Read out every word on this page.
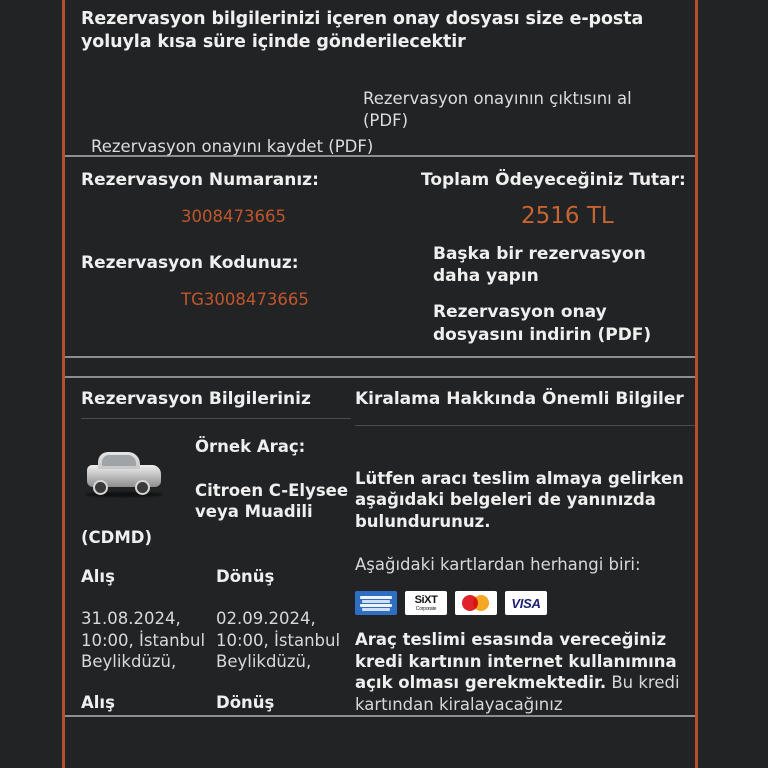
Rezervasyon bilgilerinizi içeren onay dosyası size e-posta yoluyla kısa süre içinde gönderilecektir
Rezervasyon onayının çıktısını al (PDF)
Rezervasyon onayını kaydet (PDF)
Rezervasyon Numaranız:
3008473665
Rezervasyon Kodunuz:
TG3008473665
Toplam Ödeyeceğiniz Tutar:
2516 TL
Başka bir rezervasyon daha yapın
Rezervasyon onay dosyasını indirin (PDF)
Rezervasyon Bilgileriniz
Örnek Araç:
Citroen C-Elysee veya Muadili
(CDMD)
Alış
31.08.2024, 10:00, İstanbul Beylikdüzü,
Alış
Dönüş
02.09.2024, 10:00, İstanbul Beylikdüzü,
Dönüş
Kiralama Hakkında Önemli Bilgiler
Lütfen aracı teslim almaya gelirken aşağıdaki belgeleri de yanınızda bulundurunuz.
Aşağıdaki kartlardan herhangi biri:
SiXT
Corporate	VISA
Araç teslimi esasında vereceğiniz kredi kartının internet kullanımına açık olması gerekmektedir. Bu kredi kartından kiralayacağınız
